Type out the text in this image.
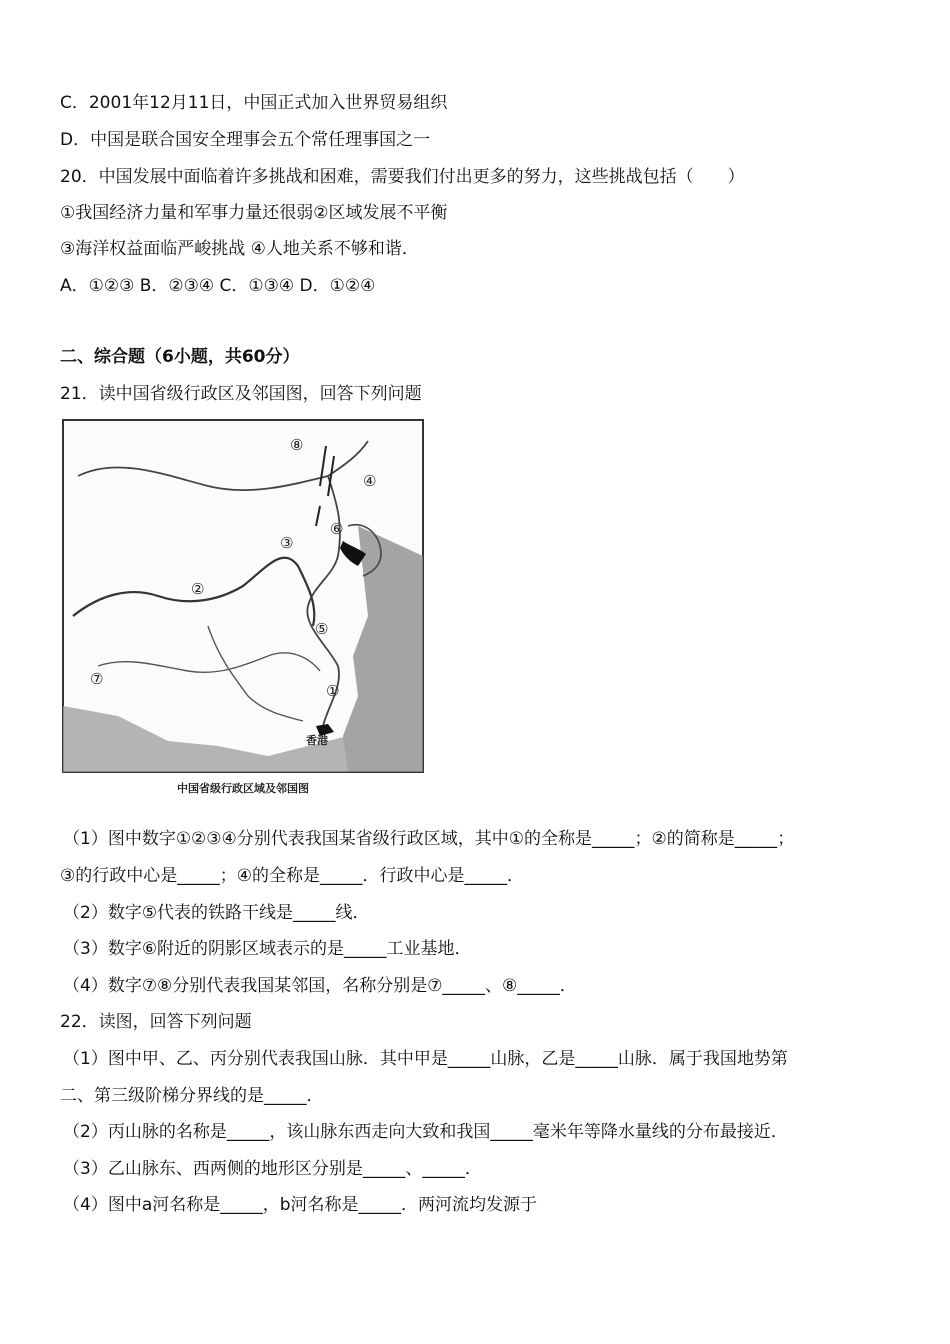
C．2001年12月11日，中国正式加入世界贸易组织
D．中国是联合国安全理事会五个常任理事国之一
20．中国发展中面临着许多挑战和困难，需要我们付出更多的努力，这些挑战包括（　　）
①我国经济力量和军事力量还很弱②区域发展不平衡
③海洋权益面临严峻挑战 ④人地关系不够和谐．
A．①②③ B．②③④ C．①③④ D．①②④
二、综合题（6小题，共60分）
21．读中国省级行政区及邻国图，回答下列问题
①
②
③
④
⑤
⑥
⑦
⑧
香港
中国省级行政区域及邻国图
（1）图中数字①②③④分别代表我国某省级行政区域，其中①的全称是_____；②的简称是_____；
③的行政中心是_____；④的全称是_____．行政中心是_____．
（2）数字⑤代表的铁路干线是_____线．
（3）数字⑥附近的阴影区域表示的是_____工业基地．
（4）数字⑦⑧分别代表我国某邻国，名称分别是⑦_____、⑧_____．
22．读图，回答下列问题
（1）图中甲、乙、丙分别代表我国山脉．其中甲是_____山脉，乙是_____山脉．属于我国地势第
二、第三级阶梯分界线的是_____．
（2）丙山脉的名称是_____，该山脉东西走向大致和我国_____毫米年等降水量线的分布最接近．
（3）乙山脉东、西两侧的地形区分别是_____、_____．
（4）图中a河名称是_____，b河名称是_____．两河流均发源于
